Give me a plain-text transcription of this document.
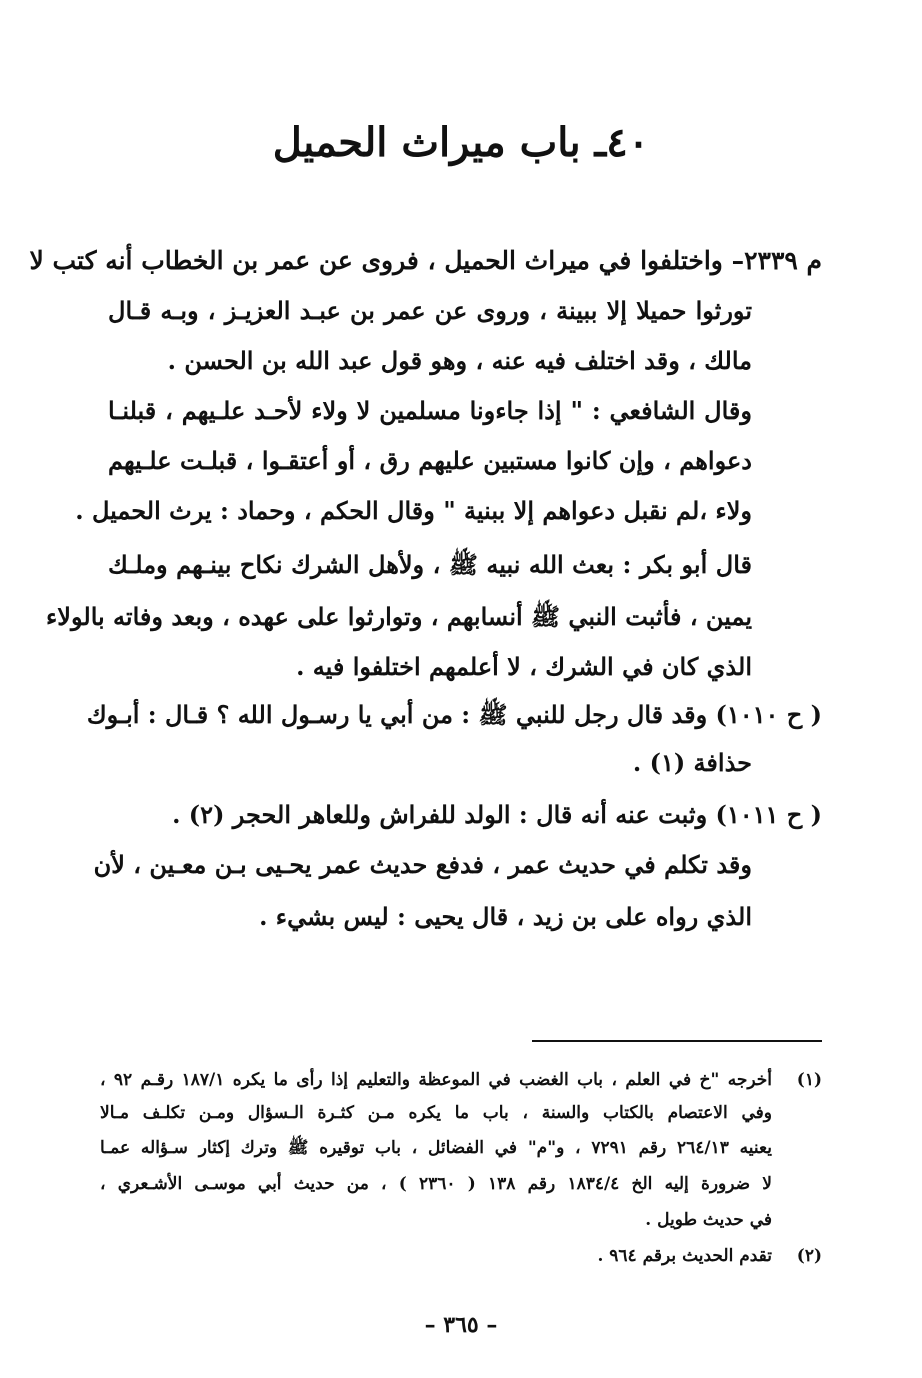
٤٠ـ باب ميراث الحميل
م ٢٣٣٩– واختلفوا في ميراث الحميل ، فروى عن عمر بن الخطاب أنه كتب لا
تورثوا حميلا إلا ببينة ، وروى عن عمر بن عبـد العزيـز ، وبـه قـال
مالك ، وقد اختلف فيه عنه ، وهو قول عبد الله بن الحسن .
وقال الشافعي : " إذا جاءونا مسلمين لا ولاء لأحـد علـيهم ، قبلنـا
دعواهم ، وإن كانوا مستبين عليهم رق ، أو أعتقـوا ، قبلـت علـيهم
ولاء ،لم نقبل دعواهم إلا ببنية " وقال الحكم ، وحماد : يرث الحميل .
قال أبو بكر : بعث الله نبيه ﷺ ، ولأهل الشرك نكاح بينـهم وملـك
يمين ، فأثبت النبي ﷺ أنسابهم ، وتوارثوا على عهده ، وبعد وفاته بالولاء
الذي كان في الشرك ، لا أعلمهم اختلفوا فيه .
( ح ١٠١٠) وقد قال رجل للنبي ﷺ : من أبي يا رسـول الله ؟ قـال : أبـوك
حذافة (١) .
( ح ١٠١١) وثبت عنه أنه قال : الولد للفراش وللعاهر الحجر (٢) .
وقد تكلم في حديث عمر ، فدفع حديث عمر يحـيى بـن معـين ، لأن
الذي رواه على بن زيد ، قال يحيى : ليس بشيء .
(١)
أخرجه "خ في العلم ، باب الغضب في الموعظة والتعليم إذا رأى ما يكره ١٨٧/١ رقـم ٩٢ ،
وفي الاعتصام بالكتاب والسنة ، باب ما يكره مـن كثـرة الـسؤال ومـن تكلـف مـالا
يعنيه ٢٦٤/١٣ رقم ٧٢٩١ ، و"م" في الفضائل ، باب توقيره ﷺ وترك إكثار سـؤاله عمـا
لا ضرورة إليه الخ ١٨٣٤/٤ رقم ١٣٨ ( ٢٣٦٠ ) ، من حديث أبي موسـى الأشـعري ،
في حديث طويل .
(٢)
تقدم الحديث برقم ٩٦٤ .
– ٣٦٥ –
